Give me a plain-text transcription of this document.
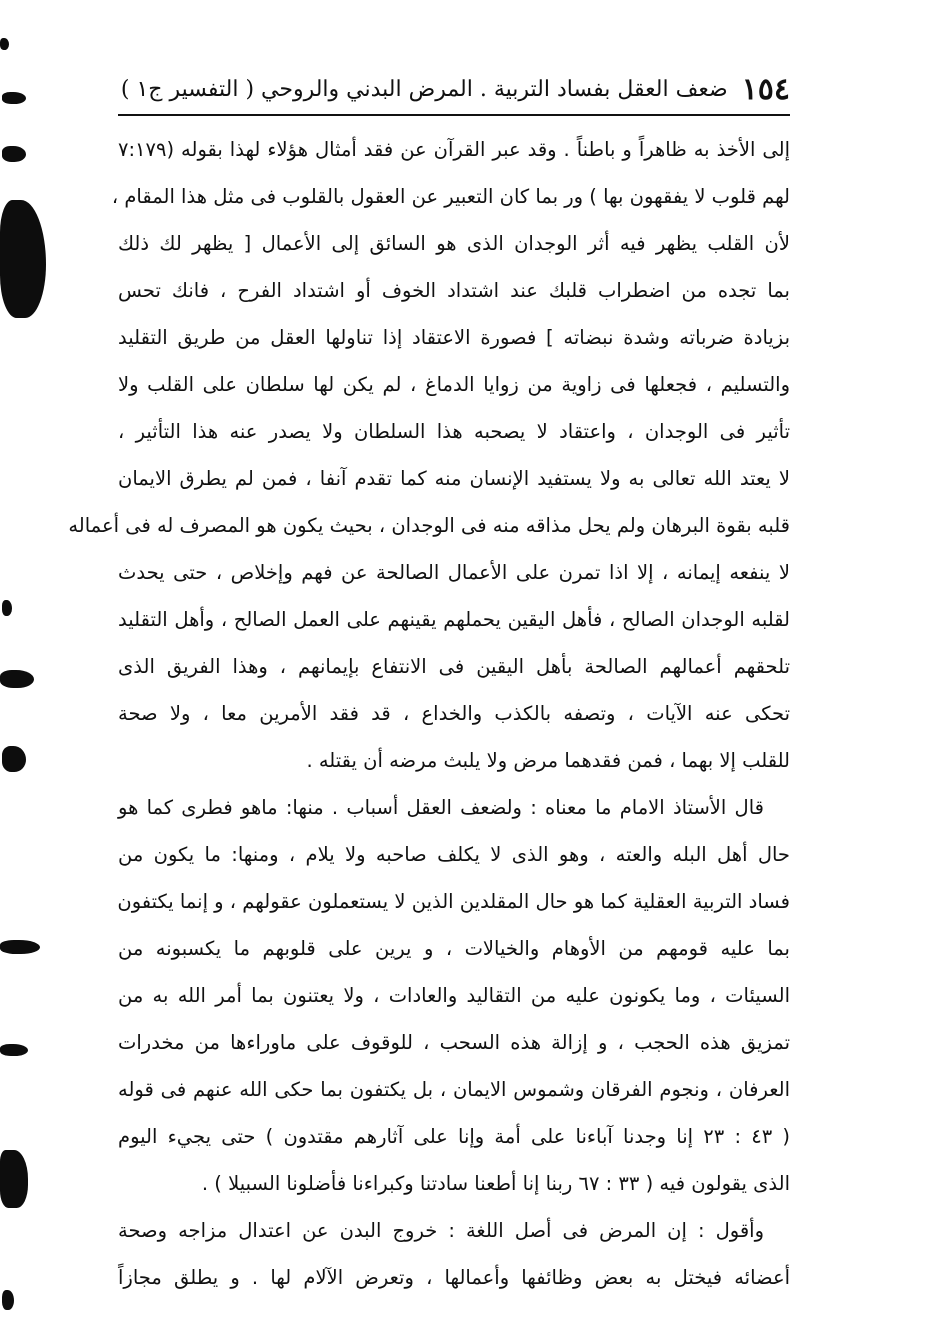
١٥٤
ضعف العقل بفساد التربية . المرض البدني والروحي ( التفسير ج١ )
إلى الأخذ به ظاهراً و باطناً . وقد عبر القرآن عن فقد أمثال هؤلاء لهذا بقوله (٧:١٧٩
لهم قلوب لا يفقهون بها ) ور بما كان التعبير عن العقول بالقلوب فى مثل هذا المقام ،
لأن القلب يظهر فيه أثر الوجدان الذى هو السائق إلى الأعمال [ يظهر لك ذلك
بما تجده من اضطراب قلبك عند اشتداد الخوف أو اشتداد الفرح ، فانك تحس
بزيادة ضرباته وشدة نبضاته ] فصورة الاعتقاد إذا تناولها العقل من طريق التقليد
والتسليم ، فجعلها فى زاوية من زوايا الدماغ ، لم يكن لها سلطان على القلب ولا
تأثير فى الوجدان ، واعتقاد لا يصحبه هذا السلطان ولا يصدر عنه هذا التأثير ،
لا يعتد الله تعالى به ولا يستفيد الإنسان منه كما تقدم آنفا ، فمن لم يطرق الايمان
قلبه بقوة البرهان ولم يحل مذاقه منه فى الوجدان ، بحيث يكون هو المصرف له فى أعماله
لا ينفعه إيمانه ، إلا اذا تمرن على الأعمال الصالحة عن فهم وإخلاص ، حتى يحدث
لقلبه الوجدان الصالح ، فأهل اليقين يحملهم يقينهم على العمل الصالح ، وأهل التقليد
تلحقهم أعمالهم الصالحة بأهل اليقين فى الانتفاع بإيمانهم ، وهذا الفريق الذى
تحكى عنه الآيات ، وتصفه بالكذب والخداع ، قد فقد الأمرين معا ، ولا صحة
للقلب إلا بهما ، فمن فقدهما مرض ولا يلبث مرضه أن يقتله .
قال الأستاذ الامام ما معناه : ولضعف العقل أسباب . منها: ماهو فطرى كما هو
حال أهل البله والعته ، وهو الذى لا يكلف صاحبه ولا يلام ، ومنها: ما يكون من
فساد التربية العقلية كما هو حال المقلدين الذين لا يستعملون عقولهم ، و إنما يكتفون
بما عليه قومهم من الأوهام والخيالات ، و يرين على قلوبهم ما يكسبونه من
السيئات ، وما يكونون عليه من التقاليد والعادات ، ولا يعتنون بما أمر الله به من
تمزيق هذه الحجب ، و إزالة هذه السحب ، للوقوف على ماوراءها من مخدرات
العرفان ، ونجوم الفرقان وشموس الايمان ، بل يكتفون بما حكى الله عنهم فى قوله
( ٤٣ : ٢٣ إنا وجدنا آباءنا على أمة وإنا على آثارهم مقتدون ) حتى يجيء اليوم
الذى يقولون فيه ( ٣٣ : ٦٧ ربنا إنا أطعنا سادتنا وكبراءنا فأضلونا السبيلا ) .
وأقول : إن المرض فى أصل اللغة : خروج البدن عن اعتدال مزاجه وصحة
أعضائه فيختل به بعض وظائفها وأعمالها ، وتعرض الآلام لها . و يطلق مجازاً
